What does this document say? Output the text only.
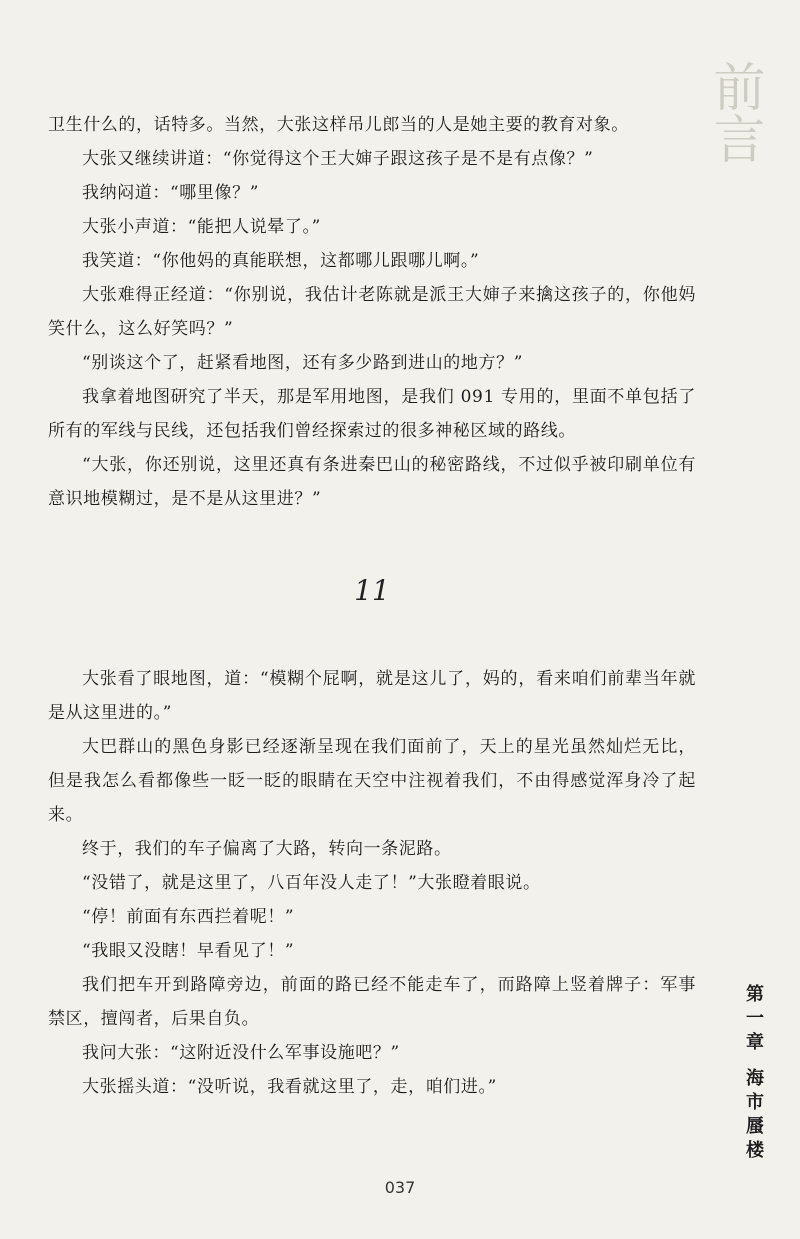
前言

卫生什么的，话特多。当然，大张这样吊儿郎当的人是她主要的教育对象。

大张又继续讲道：“你觉得这个王大婶子跟这孩子是不是有点像？”

我纳闷道：“哪里像？”

大张小声道：“能把人说晕了。”

我笑道：“你他妈的真能联想，这都哪儿跟哪儿啊。”

大张难得正经道：“你别说，我估计老陈就是派王大婶子来擒这孩子的，你他妈笑什么，这么好笑吗？”

“别谈这个了，赶紧看地图，还有多少路到进山的地方？”

我拿着地图研究了半天，那是军用地图，是我们 091 专用的，里面不单包括了所有的军线与民线，还包括我们曾经探索过的很多神秘区域的路线。

“大张，你还别说，这里还真有条进秦巴山的秘密路线，不过似乎被印刷单位有意识地模糊过，是不是从这里进？”

11

大张看了眼地图，道：“模糊个屁啊，就是这儿了，妈的，看来咱们前辈当年就是从这里进的。”

大巴群山的黑色身影已经逐渐呈现在我们面前了，天上的星光虽然灿烂无比，但是我怎么看都像些一眨一眨的眼睛在天空中注视着我们，不由得感觉浑身冷了起来。

终于，我们的车子偏离了大路，转向一条泥路。

“没错了，就是这里了，八百年没人走了！”大张瞪着眼说。

“停！前面有东西拦着呢！”

“我眼又没瞎！早看见了！”

我们把车开到路障旁边，前面的路已经不能走车了，而路障上竖着牌子：军事禁区，擅闯者，后果自负。

我问大张：“这附近没什么军事设施吧？”

大张摇头道：“没听说，我看就这里了，走，咱们进。”	第一章 海市蜃楼
037
